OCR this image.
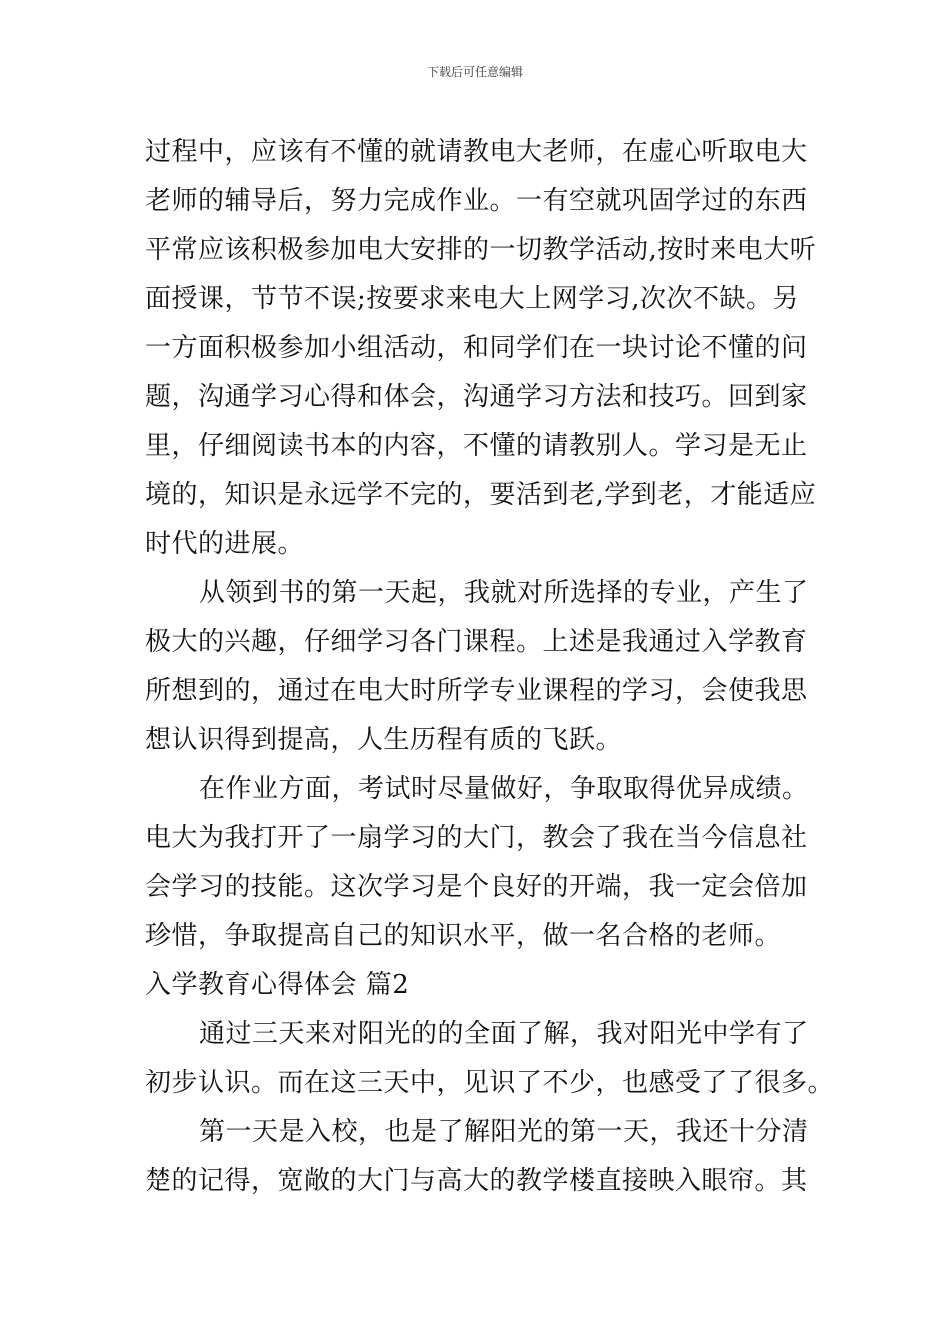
下载后可任意编辑
过程中，应该有不懂的就请教电大老师，在虚心听取电大
老师的辅导后，努力完成作业。一有空就巩固学过的东西
平常应该积极参加电大安排的一切教学活动,按时来电大听
面授课，节节不误;按要求来电大上网学习,次次不缺。另
一方面积极参加小组活动，和同学们在一块讨论不懂的问
题，沟通学习心得和体会，沟通学习方法和技巧。回到家
里，仔细阅读书本的内容，不懂的请教别人。学习是无止
境的，知识是永远学不完的，要活到老,学到老，才能适应
时代的进展。
从领到书的第一天起，我就对所选择的专业，产生了
极大的兴趣，仔细学习各门课程。上述是我通过入学教育
所想到的，通过在电大时所学专业课程的学习，会使我思
想认识得到提高，人生历程有质的飞跃。
在作业方面，考试时尽量做好，争取取得优异成绩。
电大为我打开了一扇学习的大门，教会了我在当今信息社
会学习的技能。这次学习是个良好的开端，我一定会倍加
珍惜，争取提高自己的知识水平，做一名合格的老师。
入学教育心得体会 篇2
通过三天来对阳光的的全面了解，我对阳光中学有了
初步认识。而在这三天中，见识了不少，也感受了了很多。
第一天是入校，也是了解阳光的第一天，我还十分清
楚的记得，宽敞的大门与高大的教学楼直接映入眼帘。其
